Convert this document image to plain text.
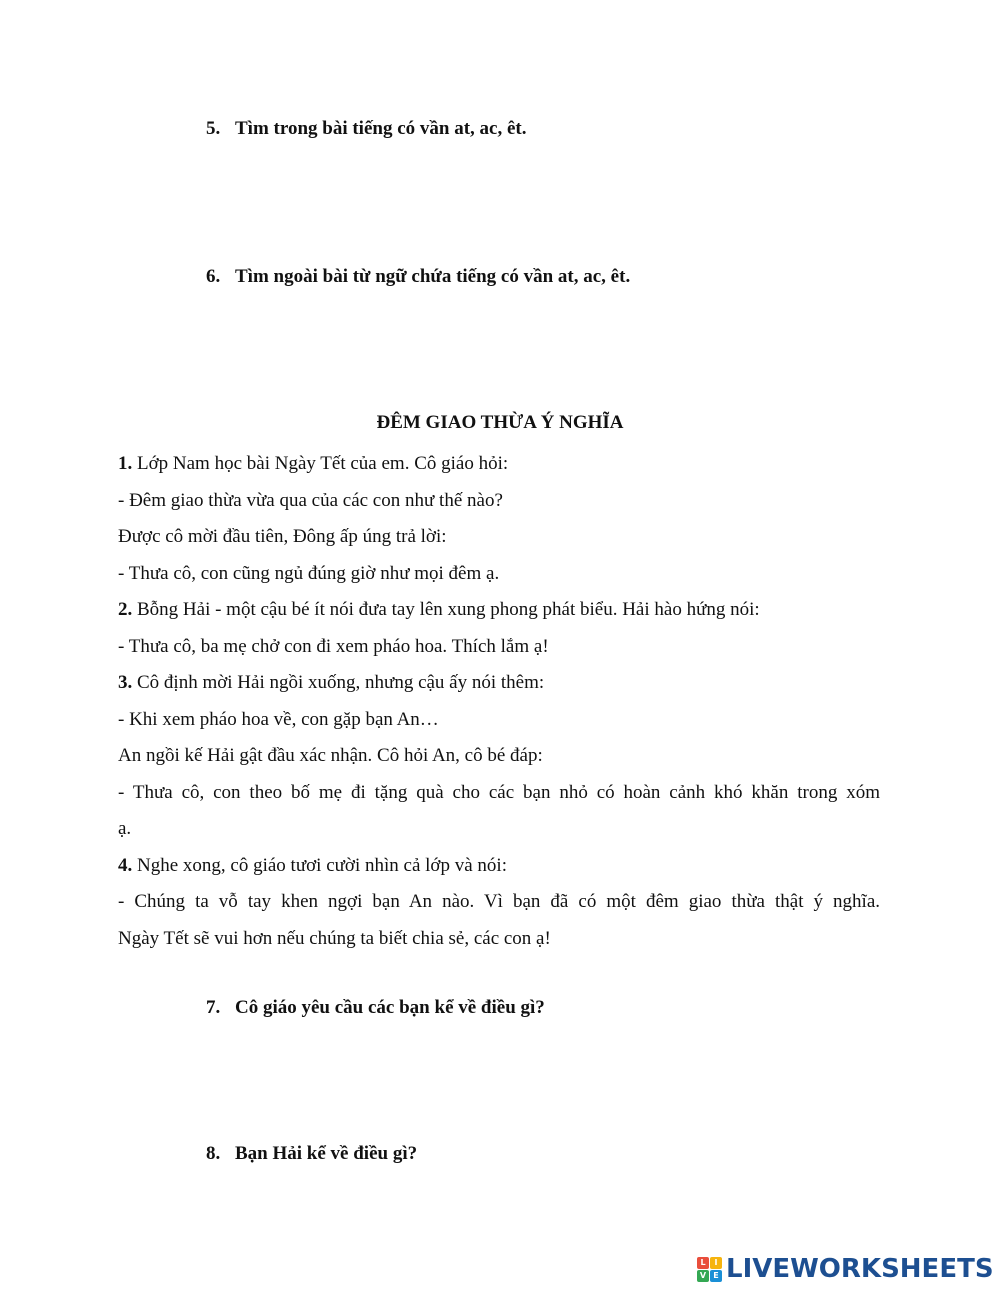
5. Tìm trong bài tiếng có vần at, ac, êt.
6. Tìm ngoài bài từ ngữ chứa tiếng có vần at, ac, êt.
ĐÊM GIAO THỪA Ý NGHĨA
1. Lớp Nam học bài Ngày Tết của em. Cô giáo hỏi:
- Đêm giao thừa vừa qua của các con như thế nào?
Được cô mời đầu tiên, Đông ấp úng trả lời:
- Thưa cô, con cũng ngủ đúng giờ như mọi đêm ạ.
2. Bỗng Hải - một cậu bé ít nói đưa tay lên xung phong phát biểu. Hải hào hứng nói:
- Thưa cô, ba mẹ chở con đi xem pháo hoa. Thích lắm ạ!
3. Cô định mời Hải ngồi xuống, nhưng cậu ấy nói thêm:
- Khi xem pháo hoa về, con gặp bạn An…
An ngồi kế Hải gật đầu xác nhận. Cô hỏi An, cô bé đáp:
- Thưa cô, con theo bố mẹ đi tặng quà cho các bạn nhỏ có hoàn cảnh khó khăn trong xóm
ạ.
4. Nghe xong, cô giáo tươi cười nhìn cả lớp và nói:
- Chúng ta vỗ tay khen ngợi bạn An nào. Vì bạn đã có một đêm giao thừa thật ý nghĩa.
Ngày Tết sẽ vui hơn nếu chúng ta biết chia sẻ, các con ạ!
7. Cô giáo yêu cầu các bạn kể về điều gì?
8. Bạn Hải kể về điều gì?
L	I
V E LIVEWORKSHEETS
